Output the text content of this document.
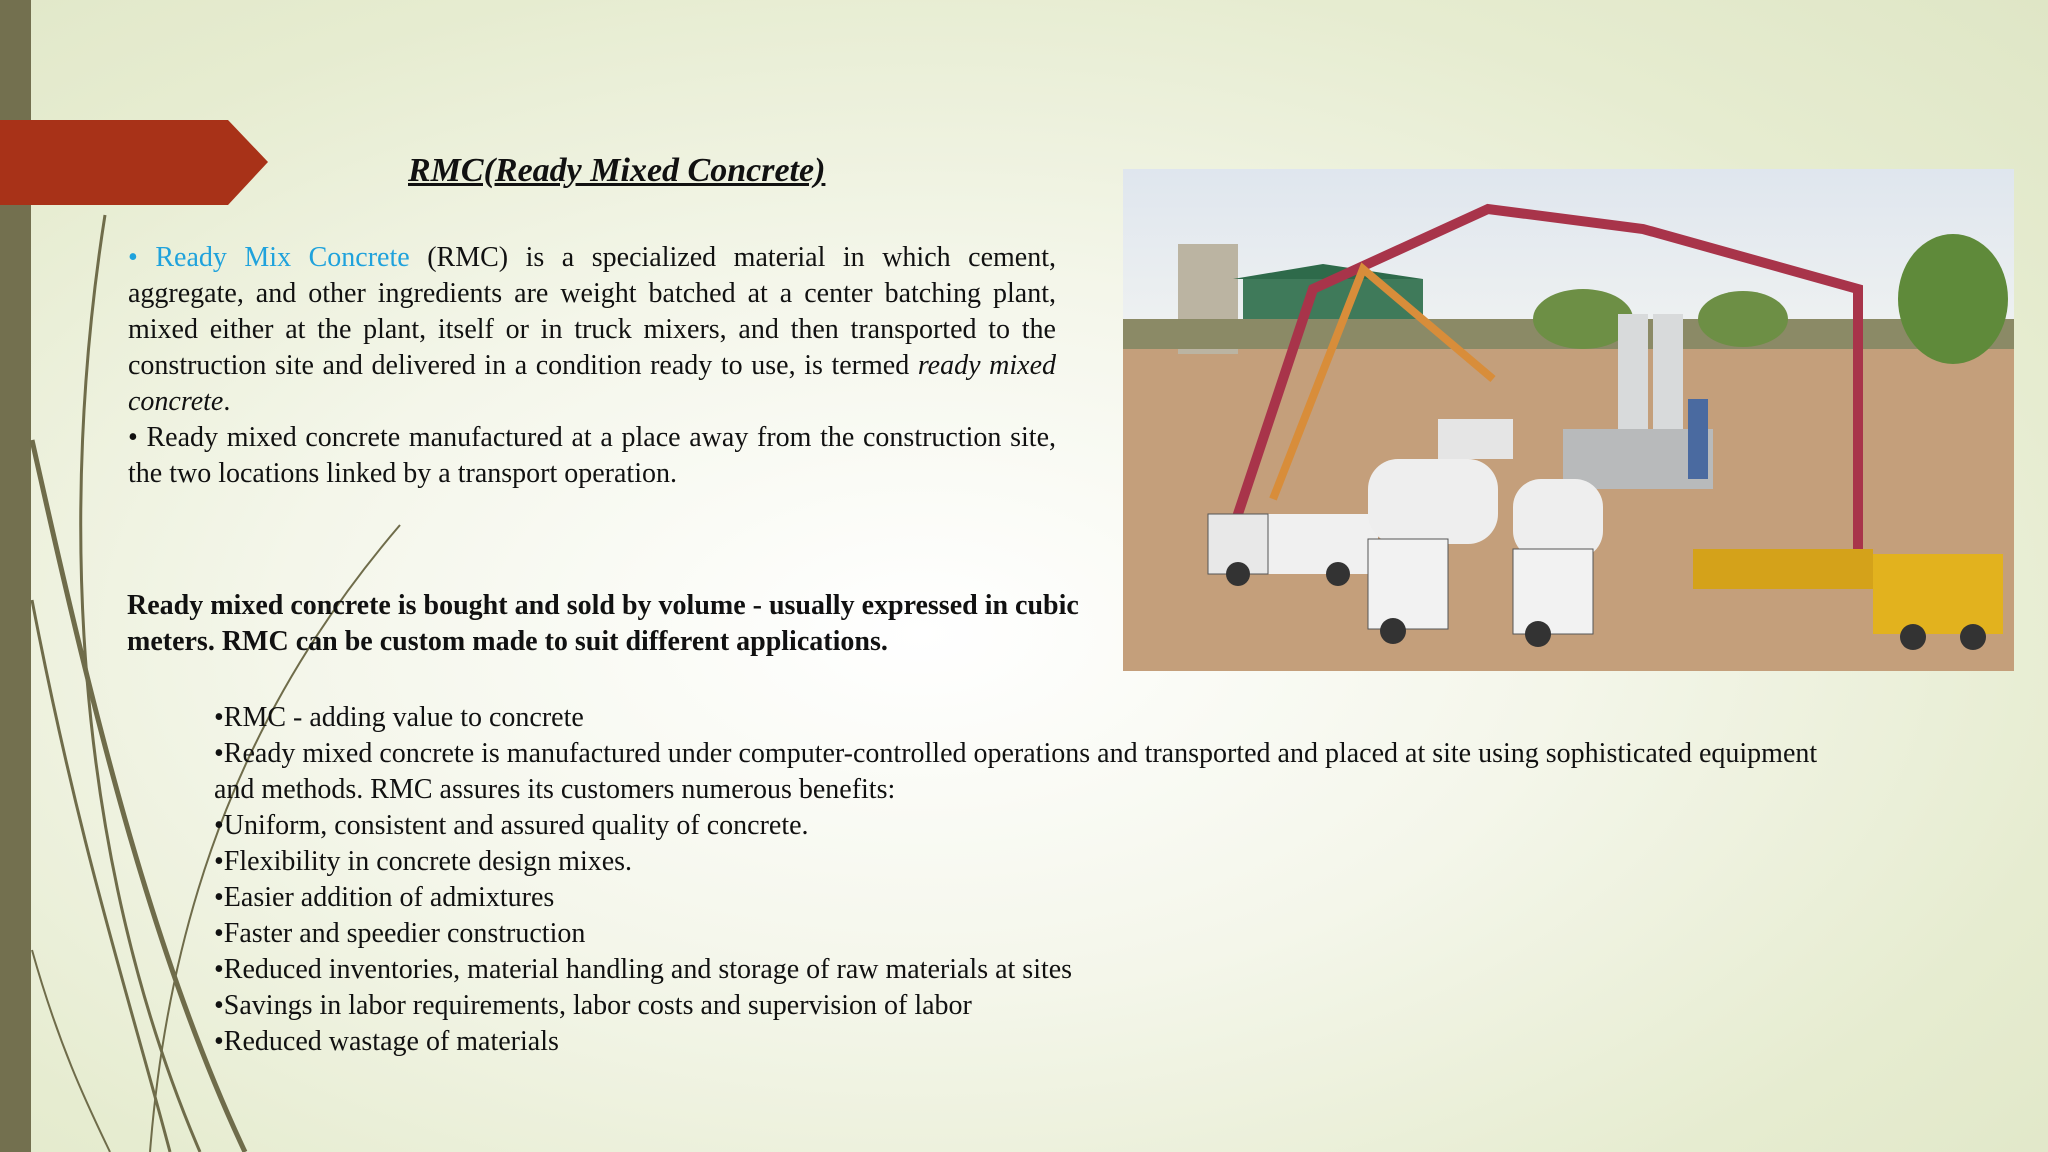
RMC(Ready Mixed Concrete)

• Ready Mix Concrete (RMC) is a specialized material in which cement, aggregate, and other ingredients are weight batched at a center batching plant, mixed either at the plant, itself or in truck mixers, and then transported to the construction site and delivered in a condition ready to use, is termed ready mixed concrete.

• Ready mixed concrete manufactured at a place away from the construction site, the two locations linked by a transport operation.

Ready mixed concrete is bought and sold by volume - usually expressed in cubic meters. RMC can be custom made to suit different applications.
•RMC - adding value to concrete
•Ready mixed concrete is manufactured under computer-controlled operations and transported and placed at site using sophisticated equipment and methods. RMC assures its customers numerous benefits:
•Uniform, consistent and assured quality of concrete.
•Flexibility in concrete design mixes.
•Easier addition of admixtures
•Faster and speedier construction
•Reduced inventories, material handling and storage of raw materials at sites
•Savings in labor requirements, labor costs and supervision of labor
•Reduced wastage of materials
